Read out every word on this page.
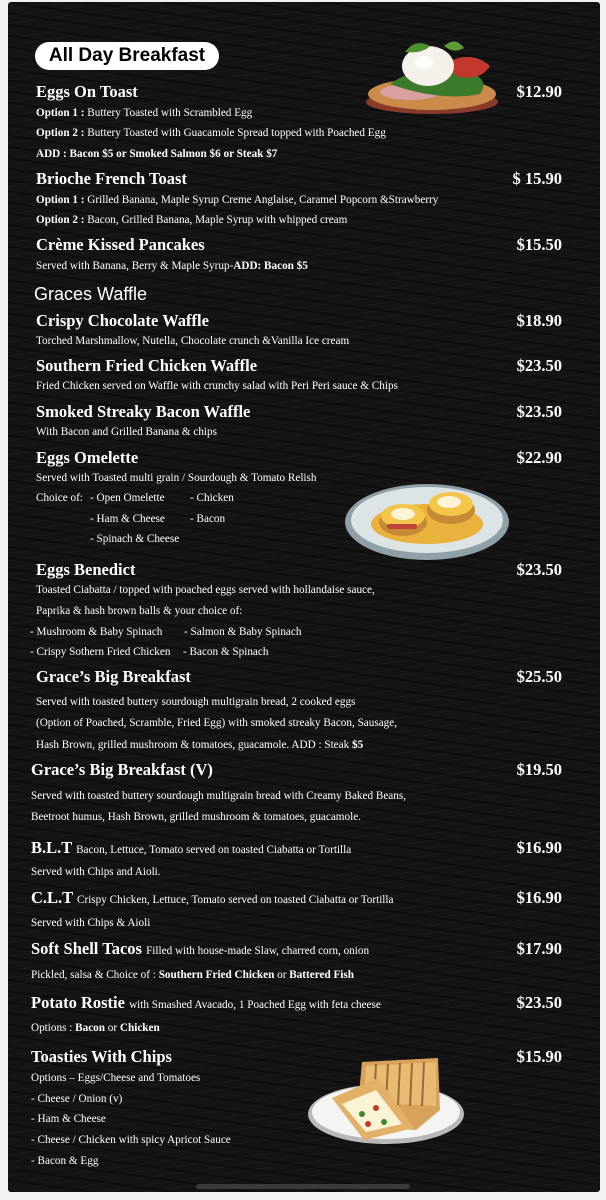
All Day Breakfast
Eggs On Toast	$12.90
Option 1 : Buttery Toasted with Scrambled Egg
Option 2 : Buttery Toasted with Guacamole Spread topped with Poached Egg
ADD : Bacon $5 or Smoked Salmon $6 or Steak $7
Brioche French Toast	$ 15.90
Option 1 : Grilled Banana, Maple Syrup Creme Anglaise, Caramel Popcorn &Strawberry
Option 2 : Bacon, Grilled Banana, Maple Syrup with whipped cream
Crème Kissed Pancakes	$15.50
Served with Banana, Berry & Maple Syrup-ADD: Bacon $5
Graces Waffle
Crispy Chocolate Waffle	$18.90
Torched Marshmallow, Nutella, Chocolate crunch &Vanilla Ice cream
Southern Fried Chicken Waffle	$23.50
Fried Chicken served on Waffle with crunchy salad with Peri Peri sauce & Chips
Smoked Streaky Bacon Waffle	$23.50
With Bacon and Grilled Banana & chips
Eggs Omelette	$22.90
Served with Toasted multi grain / Sourdough & Tomato Relish
Choice of: - Open Omelette - Chicken
- Ham & Cheese - Bacon
- Spinach & Cheese
Eggs Benedict	$23.50
Toasted Ciabatta / topped with poached eggs served with hollandaise sauce,
Paprika & hash brown balls & your choice of:
- Mushroom & Baby Spinach - Salmon & Baby Spinach
- Crispy Sothern Fried Chicken - Bacon & Spinach
Grace’s Big Breakfast	$25.50
Served with toasted buttery sourdough multigrain bread, 2 cooked eggs
(Option of Poached, Scramble, Fried Egg) with smoked streaky Bacon, Sausage,
Hash Brown, grilled mushroom & tomatoes, guacamole. ADD : Steak $5
Grace’s Big Breakfast (V)	$19.50
Served with toasted buttery sourdough multigrain bread with Creamy Baked Beans,
Beetroot humus, Hash Brown, grilled mushroom & tomatoes, guacamole.
B.L.T Bacon, Lettuce, Tomato served on toasted Ciabatta or Tortilla	$16.90
Served with Chips and Aioli.
C.L.T Crispy Chicken, Lettuce, Tomato served on toasted Ciabatta or Tortilla	$16.90
Served with Chips & Aioli
Soft Shell Tacos Filled with house-made Slaw, charred corn, onion	$17.90
Pickled, salsa & Choice of : Southern Fried Chicken or Battered Fish
Potato Rostie with Smashed Avacado, 1 Poached Egg with feta cheese	$23.50
Options : Bacon or Chicken
Toasties With Chips	$15.90
Options – Eggs/Cheese and Tomatoes
- Cheese / Onion (v)
- Ham & Cheese
- Cheese / Chicken with spicy Apricot Sauce
- Bacon & Egg
